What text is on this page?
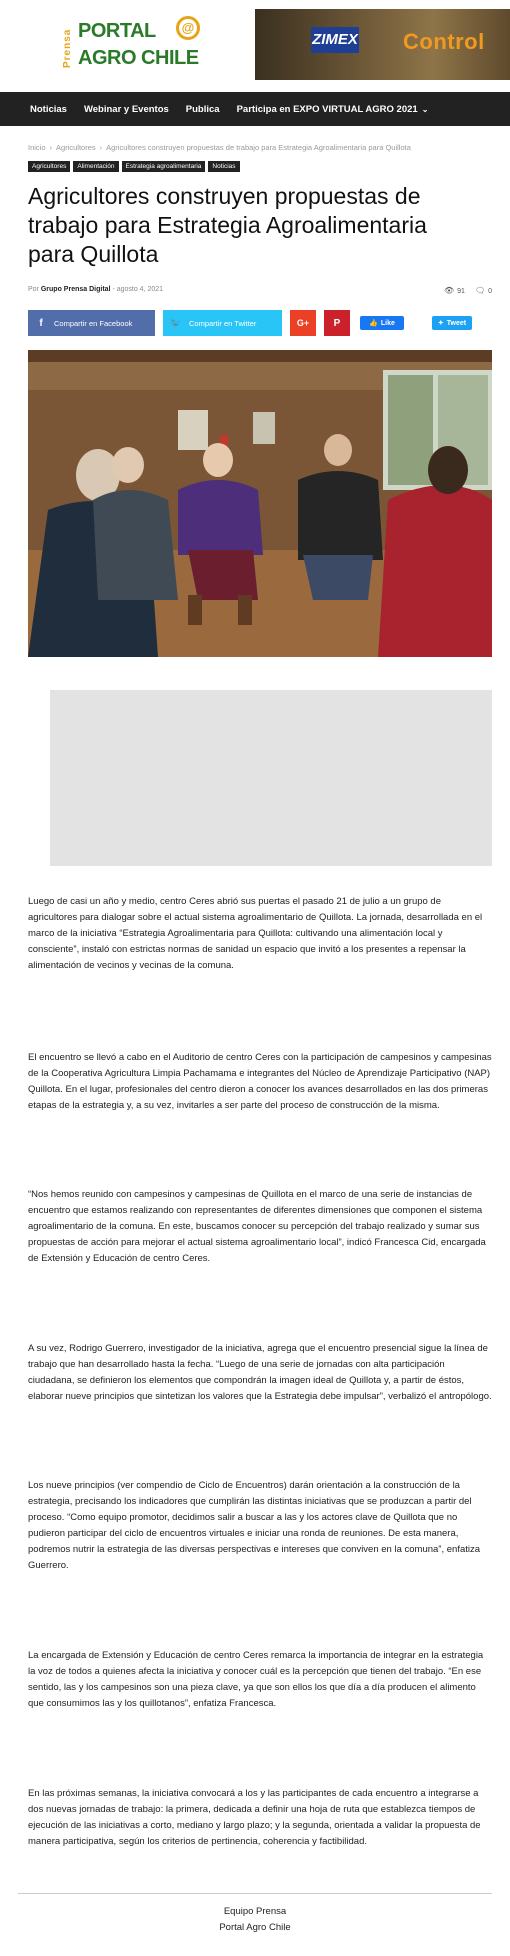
Prensa PORTAL	@
AGRO CHILE
ZIMEX Control
Noticias Webinar y Eventos Publica Participa en EXPO VIRTUAL AGRO 2021 ⌄
Inicio › Agricultores › Agricultores construyen propuestas de trabajo para Estrategia Agroalimentaria para Quillota
Agricultores	Alimentación	Estrategia agroalimentaria	Noticias
Agricultores construyen propuestas de trabajo para Estrategia Agroalimentaria para Quillota
Por Grupo Prensa Digital - agosto 4, 2021	👁 91 🗨 0
f	Compartir en Facebook	🐦 Compartir en Twitter	G+ P	👍 Like	✦ Tweet

Luego de casi un año y medio, centro Ceres abrió sus puertas el pasado 21 de julio a un grupo de agricultores para dialogar sobre el actual sistema agroalimentario de Quillota. La jornada, desarrollada en el marco de la iniciativa “Estrategia Agroalimentaria para Quillota: cultivando una alimentación local y consciente”, instaló con estrictas normas de sanidad un espacio que invitó a los presentes a repensar la alimentación de vecinos y vecinas de la comuna.

El encuentro se llevó a cabo en el Auditorio de centro Ceres con la participación de campesinos y campesinas de la Cooperativa Agricultura Limpia Pachamama e integrantes del Núcleo de Aprendizaje Participativo (NAP) Quillota. En el lugar, profesionales del centro dieron a conocer los avances desarrollados en las dos primeras etapas de la estrategia y, a su vez, invitarles a ser parte del proceso de construcción de la misma.

“Nos hemos reunido con campesinos y campesinas de Quillota en el marco de una serie de instancias de encuentro que estamos realizando con representantes de diferentes dimensiones que componen el sistema agroalimentario de la comuna. En este, buscamos conocer su percepción del trabajo realizado y sumar sus propuestas de acción para mejorar el actual sistema agroalimentario local”, indicó Francesca Cid, encargada de Extensión y Educación de centro Ceres.

A su vez, Rodrigo Guerrero, investigador de la iniciativa, agrega que el encuentro presencial sigue la línea de trabajo que han desarrollado hasta la fecha. “Luego de una serie de jornadas con alta participación ciudadana, se definieron los elementos que compondrán la imagen ideal de Quillota y, a partir de éstos, elaborar nueve principios que sintetizan los valores que la Estrategia debe impulsar”, verbalizó el antropólogo.

Los nueve principios (ver compendio de Ciclo de Encuentros) darán orientación a la construcción de la estrategia, precisando los indicadores que cumplirán las distintas iniciativas que se produzcan a partir del proceso. “Como equipo promotor, decidimos salir a buscar a las y los actores clave de Quillota que no pudieron participar del ciclo de encuentros virtuales e iniciar una ronda de reuniones. De esta manera, podremos nutrir la estrategia de las diversas perspectivas e intereses que conviven en la comuna”, enfatiza Guerrero.

La encargada de Extensión y Educación de centro Ceres remarca la importancia de integrar en la estrategia la voz de todos a quienes afecta la iniciativa y conocer cuál es la percepción que tienen del trabajo. “En ese sentido, las y los campesinos son una pieza clave, ya que son ellos los que día a día producen el alimento que consumimos las y los quillotanos”, enfatiza Francesca.

En las próximas semanas, la iniciativa convocará a los y las participantes de cada encuentro a integrarse a dos nuevas jornadas de trabajo: la primera, dedicada a definir una hoja de ruta que establezca tiempos de ejecución de las iniciativas a corto, mediano y largo plazo; y la segunda, orientada a validar la propuesta de manera participativa, según los criterios de pertinencia, coherencia y factibilidad.

Equipo Prensa
Portal Agro Chile
